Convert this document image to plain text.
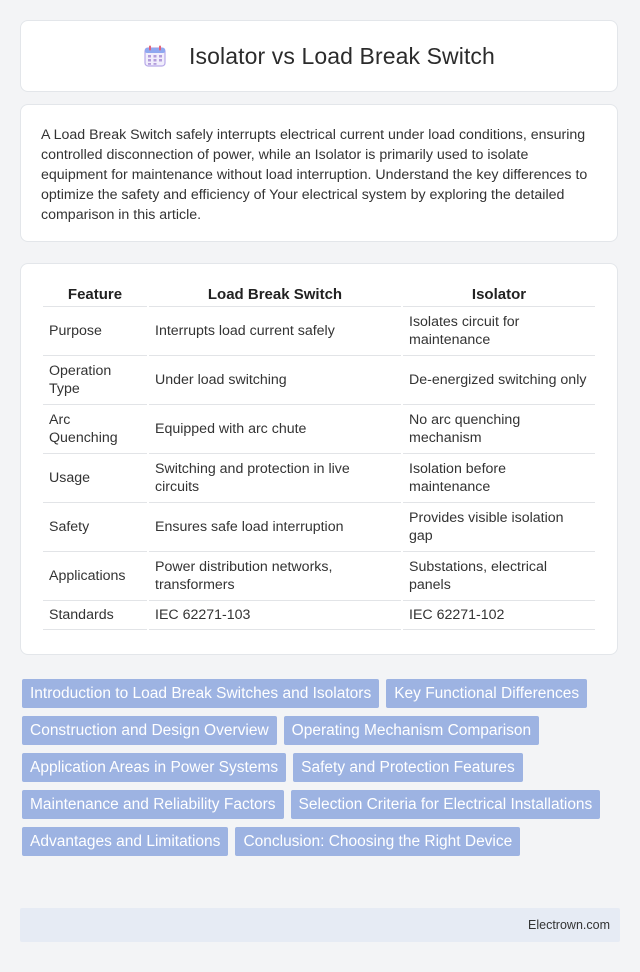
Isolator vs Load Break Switch

A Load Break Switch safely interrupts electrical current under load conditions, ensuring controlled disconnection of power, while an Isolator is primarily used to isolate equipment for maintenance without load interruption. Understand the key differences to optimize the safety and efficiency of Your electrical system by exploring the detailed comparison in this article.

Feature	Load Break Switch	Isolator
Purpose	Interrupts load current safely	Isolates circuit for maintenance
Operation Type	Under load switching	De-energized switching only
Arc Quenching	Equipped with arc chute	No arc quenching mechanism
Usage	Switching and protection in live circuits	Isolation before maintenance
Safety	Ensures safe load interruption	Provides visible isolation gap
Applications	Power distribution networks, transformers	Substations, electrical panels
Standards	IEC 62271-103	IEC 62271-102
Introduction to Load Break Switches and Isolators	Key Functional Differences
Construction and Design Overview	Operating Mechanism Comparison
Application Areas in Power Systems	Safety and Protection Features
Maintenance and Reliability Factors	Selection Criteria for Electrical Installations
Advantages and Limitations	Conclusion: Choosing the Right Device
Electrown.com
